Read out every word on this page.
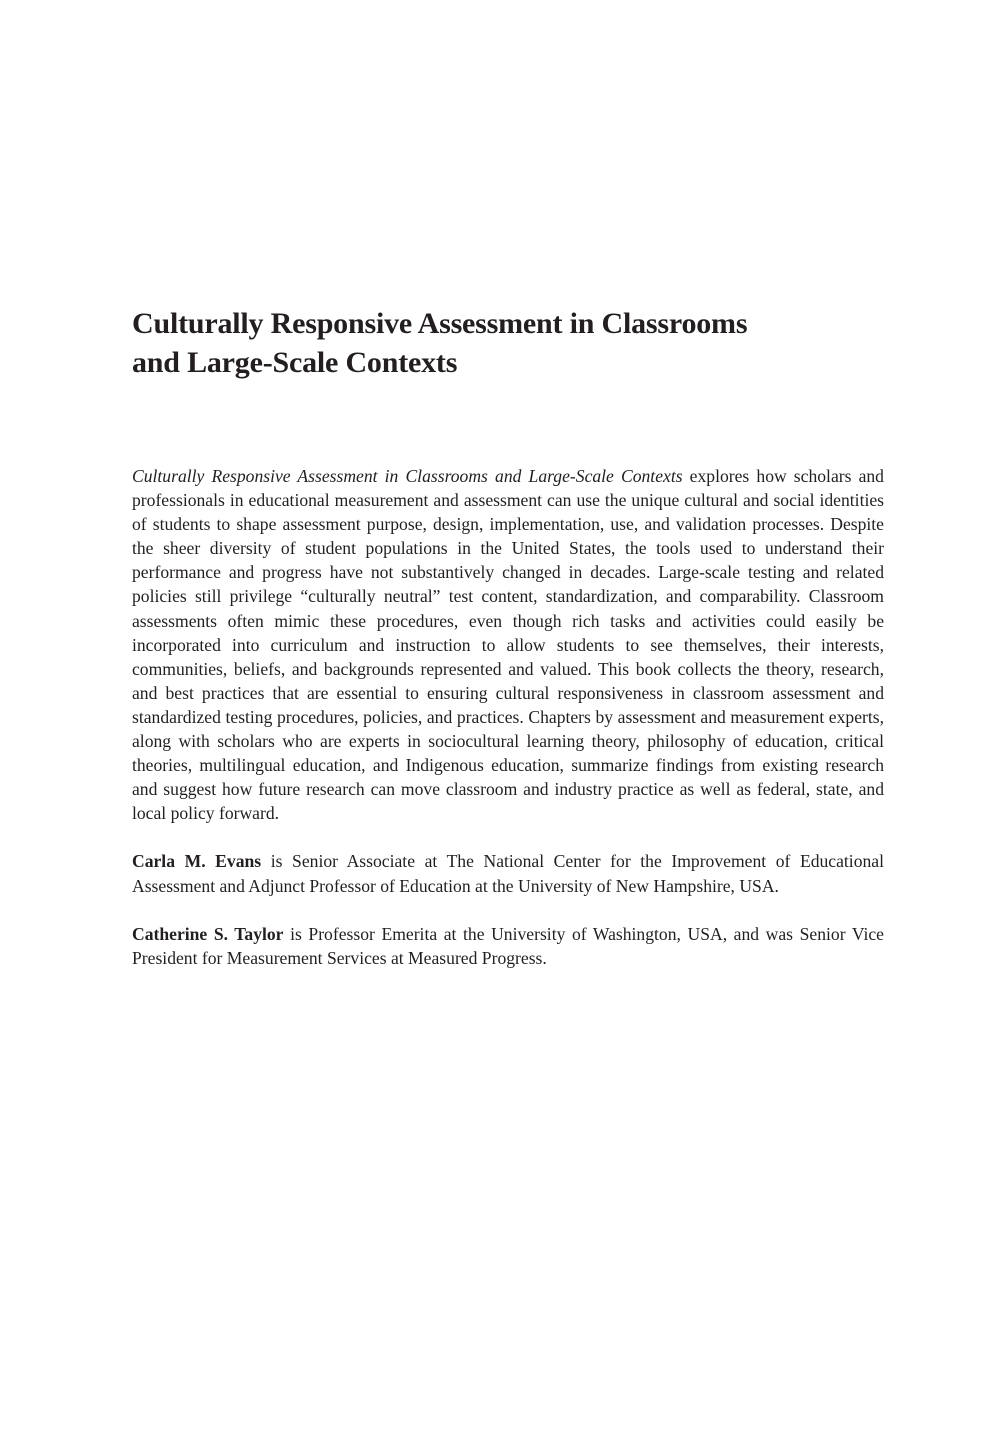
Culturally Responsive Assessment in Classrooms
and Large-Scale Contexts

Culturally Responsive Assessment in Classrooms and Large-Scale Contexts explores how scholars and professionals in educational measurement and assessment can use the unique cultural and social identities of students to shape assessment purpose, design, implementation, use, and validation processes. Despite the sheer diversity of student populations in the United States, the tools used to understand their performance and progress have not substantively changed in decades. Large-scale testing and related policies still privilege “culturally neutral” test content, standardization, and comparability. Classroom assessments often mimic these procedures, even though rich tasks and activities could easily be incorporated into curriculum and instruction to allow students to see themselves, their interests, communities, beliefs, and backgrounds represented and valued. This book collects the theory, research, and best practices that are essential to ensuring cultural responsiveness in classroom assessment and standardized testing procedures, policies, and practices. Chapters by assessment and measurement experts, along with scholars who are experts in sociocultural learning theory, philosophy of education, critical theories, multilingual education, and Indigenous education, summarize findings from existing research and suggest how future research can move classroom and industry practice as well as federal, state, and local policy forward.

Carla M. Evans is Senior Associate at The National Center for the Improvement of Educational Assessment and Adjunct Professor of Education at the University of New Hampshire, USA.

Catherine S. Taylor is Professor Emerita at the University of Washington, USA, and was Senior Vice President for Measurement Services at Measured Progress.
